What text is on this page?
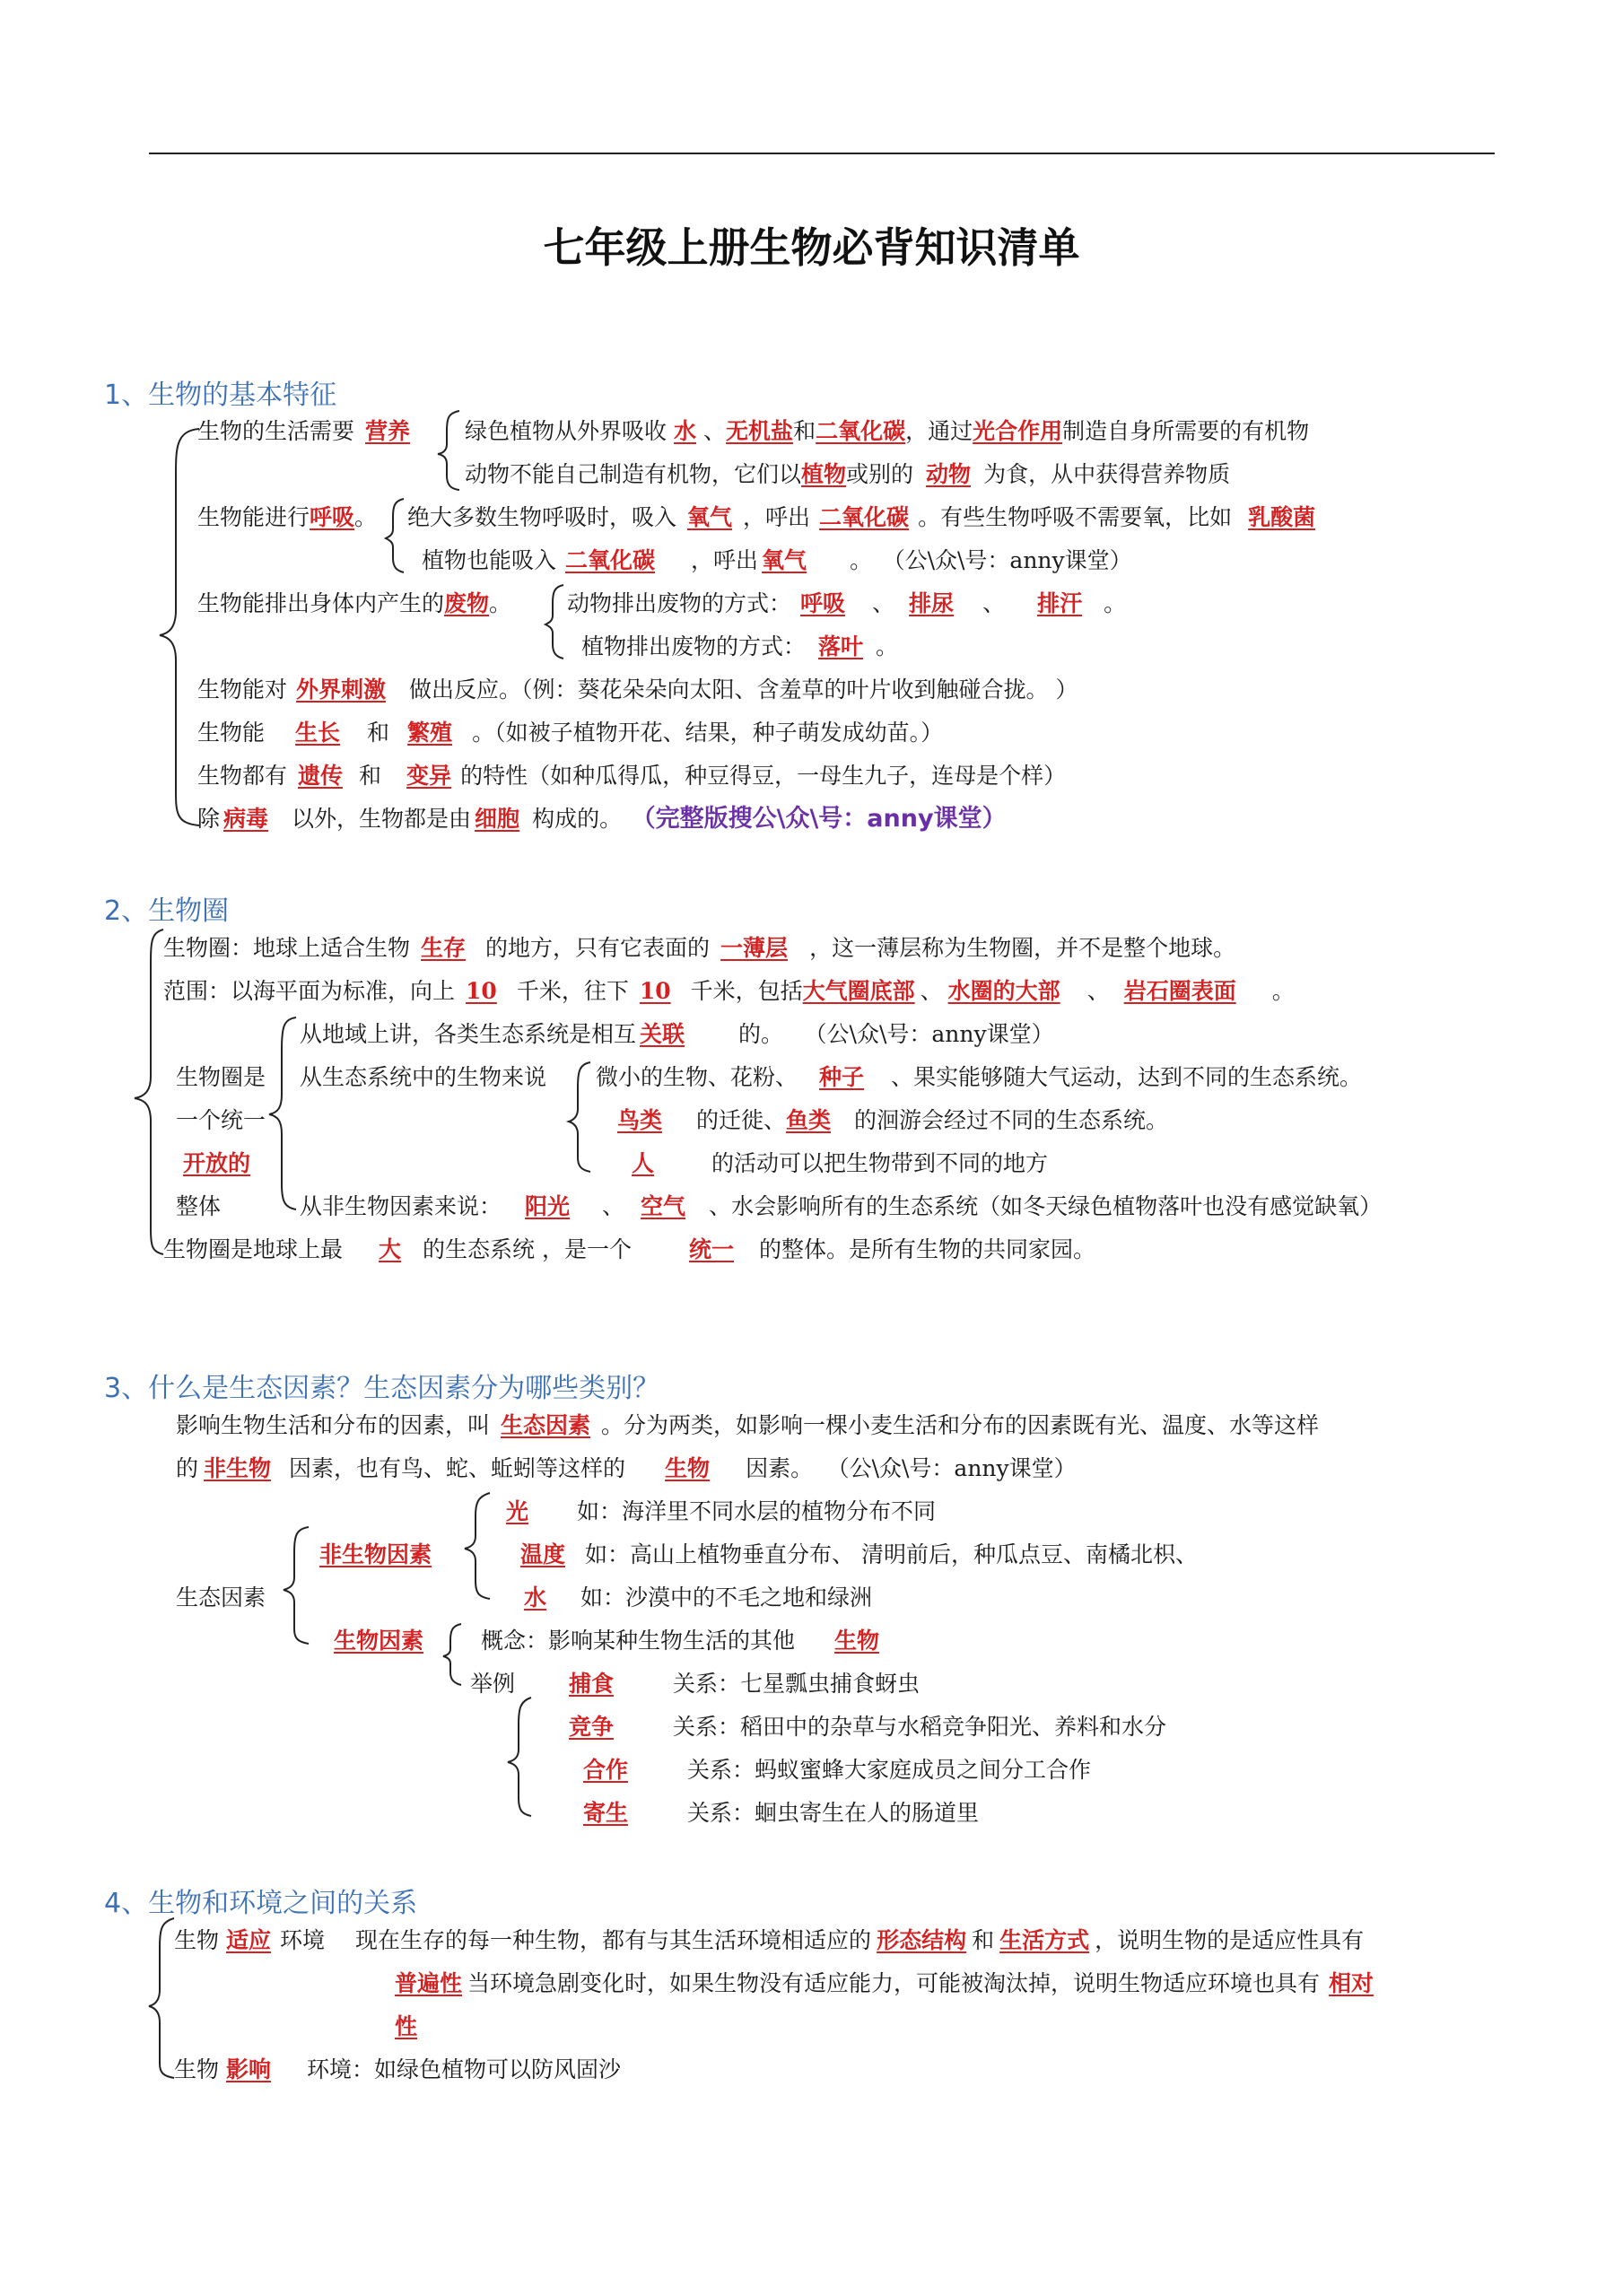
七年级上册生物必背知识清单
1、生物的基本特征
生物的生活需要 营养	绿色植物从外界吸收 水 、无机盐和二氧化碳，通过光合作用制造自身所需要的有机物
动物不能自己制造有机物，它们以植物或别的 动物 为食，从中获得营养物质
生物能进行呼吸。 绝大多数生物呼吸时，吸入 氧气 ，呼出 二氧化碳 。有些生物呼吸不需要氧，比如 乳酸菌
植物也能吸入 二氧化碳 ，呼出 氧气 。 （公\众\号：anny课堂）
生物能排出身体内产生的废物。 动物排出废物的方式： 呼吸 、 排尿 、 排汗 。
植物排出废物的方式： 落叶 。
生物能对 外界刺激 做出反应。（例：葵花朵朵向太阳、含羞草的叶片收到触碰合拢。 ）
生物能 生长 和 繁殖 。（如被子植物开花、结果，种子萌发成幼苗。）
生物都有 遗传 和 变异 的特性（如种瓜得瓜，种豆得豆，一母生九子，连母是个样）
除 病毒 以外，生物都是由 细胞 构成的。 （完整版搜公\众\号：anny课堂）
2、生物圈
生物圈：地球上适合生物 生存 的地方，只有它表面的 一薄层 ，这一薄层称为生物圈，并不是整个地球。
范围：以海平面为标准，向上 10 千米，往下 10 千米，包括大气圈底部 、 水圈的大部 、 岩石圈表面 。
从地域上讲，各类生态系统是相互 关联 的。 （公\众\号：anny课堂）
生物圈是 从生态系统中的生物来说 微小的生物、花粉、 种子 、果实能够随大气运动，达到不同的生态系统。
一个统一	鸟类 的迁徙、鱼类 的洄游会经过不同的生态系统。
开放的	人	的活动可以把生物带到不同的地方
整体	从非生物因素来说： 阳光 、 空气 、水会影响所有的生态系统（如冬天绿色植物落叶也没有感觉缺氧）
生物圈是地球上最 大 的生态系统 ，是一个	统一 的整体。是所有生物的共同家园。
3、什么是生态因素？生态因素分为哪些类别？
影响生物生活和分布的因素，叫 生态因素 。分为两类，如影响一棵小麦生活和分布的因素既有光、温度、水等这样
的 非生物 因素，也有鸟、蛇、蚯蚓等这样的 生物 因素。 （公\众\号：anny课堂）
光 如：海洋里不同水层的植物分布不同
非生物因素	温度 如：高山上植物垂直分布、 清明前后，种瓜点豆、南橘北枳、
生态因素	水 如：沙漠中的不毛之地和绿洲
生物因素	概念：影响某种生物生活的其他 生物
举例	捕食	关系：七星瓢虫捕食蚜虫
竞争	关系：稻田中的杂草与水稻竞争阳光、养料和水分
合作	关系：蚂蚁蜜蜂大家庭成员之间分工合作
寄生	关系：蛔虫寄生在人的肠道里
4、生物和环境之间的关系
生物 适应 环境 现在生存的每一种生物，都有与其生活环境相适应的 形态结构 和 生活方式 ，说明生物的是适应性具有
普遍性 当环境急剧变化时，如果生物没有适应能力，可能被淘汰掉，说明生物适应环境也具有 相对
性
生物 影响 环境：如绿色植物可以防风固沙
